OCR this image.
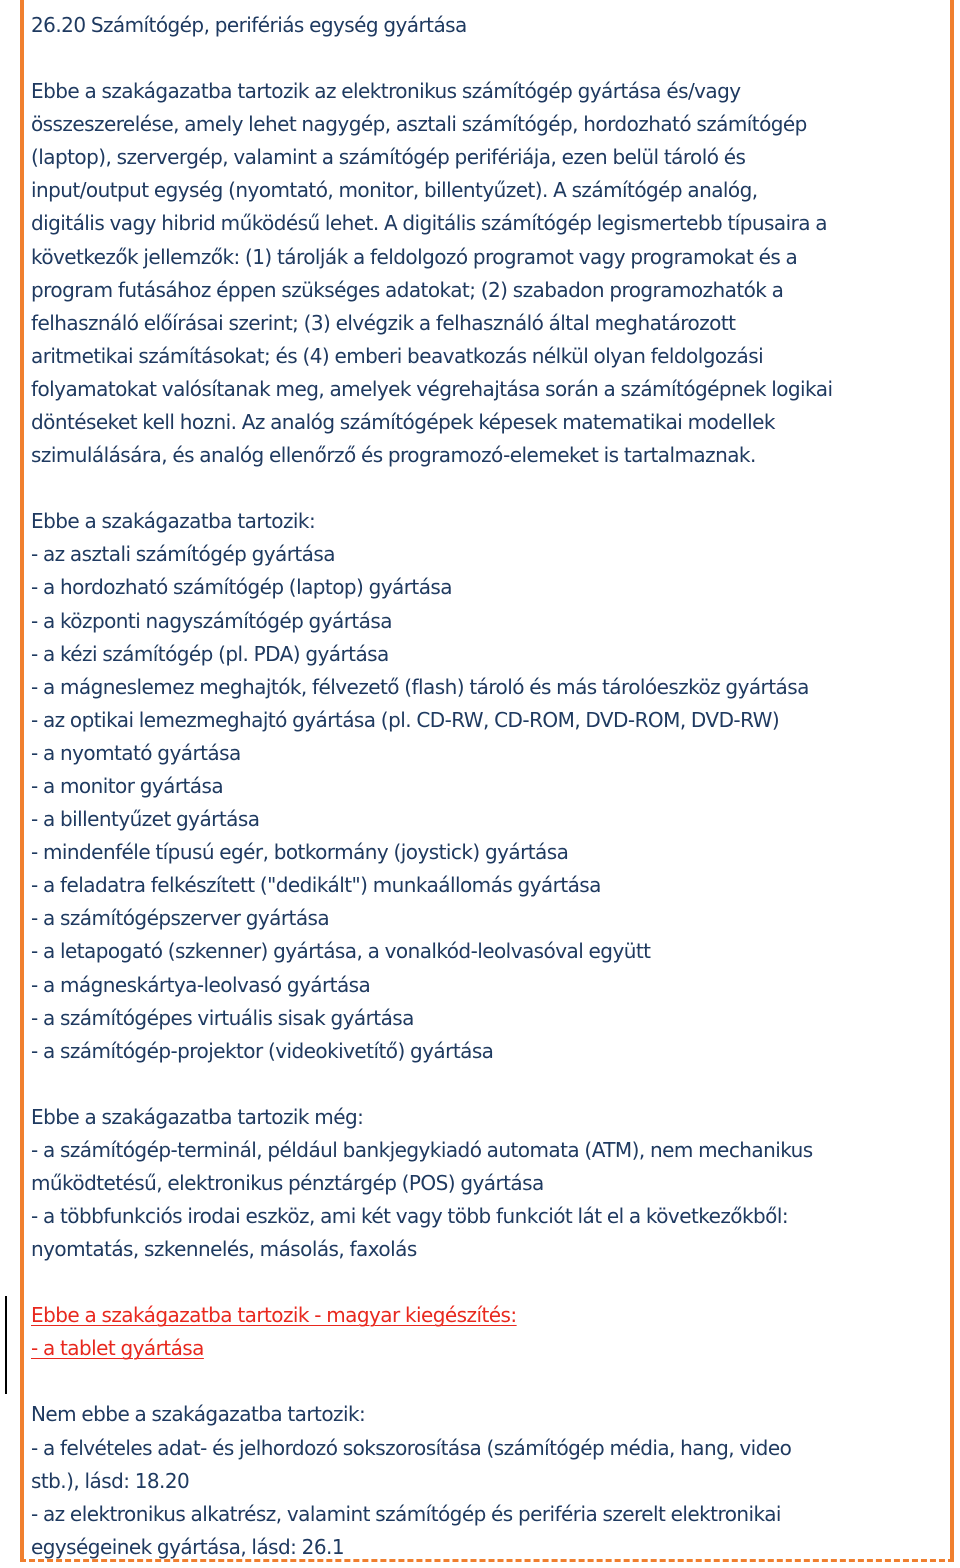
26.20 Számítógép, perifériás egység gyártása

Ebbe a szakágazatba tartozik az elektronikus számítógép gyártása és/vagy

összeszerelése, amely lehet nagygép, asztali számítógép, hordozható számítógép

(laptop), szervergép, valamint a számítógép perifériája, ezen belül tároló és

input/output egység (nyomtató, monitor, billentyűzet). A számítógép analóg,

digitális vagy hibrid működésű lehet. A digitális számítógép legismertebb típusaira a

következők jellemzők: (1) tárolják a feldolgozó programot vagy programokat és a

program futásához éppen szükséges adatokat; (2) szabadon programozhatók a

felhasználó előírásai szerint; (3) elvégzik a felhasználó által meghatározott

aritmetikai számításokat; és (4) emberi beavatkozás nélkül olyan feldolgozási

folyamatokat valósítanak meg, amelyek végrehajtása során a számítógépnek logikai

döntéseket kell hozni. Az analóg számítógépek képesek matematikai modellek

szimulálására, és analóg ellenőrző és programozó-elemeket is tartalmaznak.

Ebbe a szakágazatba tartozik:

- az asztali számítógép gyártása
- a hordozható számítógép (laptop) gyártása
- a központi nagyszámítógép gyártása
- a kézi számítógép (pl. PDA) gyártása
- a mágneslemez meghajtók, félvezető (flash) tároló és más tárolóeszköz gyártása
- az optikai lemezmeghajtó gyártása (pl. CD-RW, CD-ROM, DVD-ROM, DVD-RW)
- a nyomtató gyártása
- a monitor gyártása
- a billentyűzet gyártása
- mindenféle típusú egér, botkormány (joystick) gyártása
- a feladatra felkészített ("dedikált") munkaállomás gyártása
- a számítógépszerver gyártása
- a letapogató (szkenner) gyártása, a vonalkód-leolvasóval együtt
- a mágneskártya-leolvasó gyártása
- a számítógépes virtuális sisak gyártása
- a számítógép-projektor (videokivetítő) gyártása

Ebbe a szakágazatba tartozik még:

- a számítógép-terminál, például bankjegykiadó automata (ATM), nem mechanikus

működtetésű, elektronikus pénztárgép (POS) gyártása

- a többfunkciós irodai eszköz, ami két vagy több funkciót lát el a következőkből:

nyomtatás, szkennelés, másolás, faxolás

Ebbe a szakágazatba tartozik - magyar kiegészítés:

- a tablet gyártása

Nem ebbe a szakágazatba tartozik:

- a felvételes adat- és jelhordozó sokszorosítása (számítógép média, hang, video

stb.), lásd: 18.20

- az elektronikus alkatrész, valamint számítógép és periféria szerelt elektronikai

egységeinek gyártása, lásd: 26.1
